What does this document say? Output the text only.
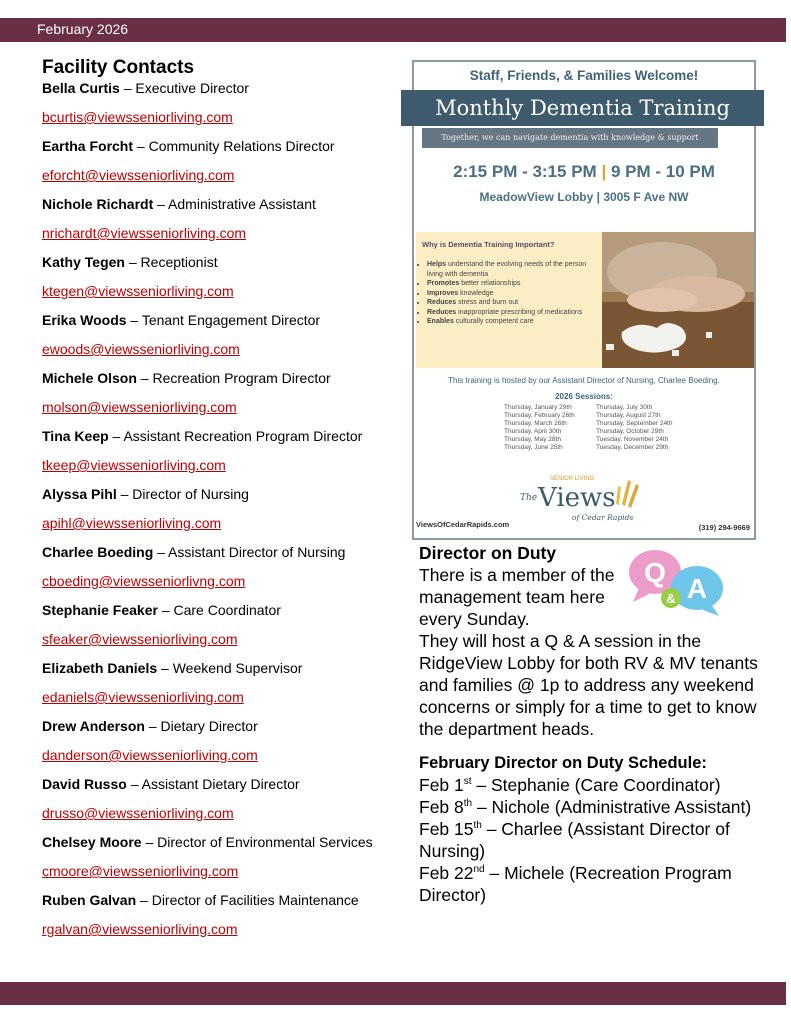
February 2026
Facility Contacts
Bella Curtis – Executive Director
bcurtis@viewsseniorliving.com
Eartha Forcht – Community Relations Director
eforcht@viewsseniorliving.com
Nichole Richardt – Administrative Assistant
nrichardt@viewsseniorliving.com
Kathy Tegen – Receptionist
ktegen@viewsseniorliving.com
Erika Woods – Tenant Engagement Director
ewoods@viewsseniorliving.com
Michele Olson – Recreation Program Director
molson@viewsseniorliving.com
Tina Keep – Assistant Recreation Program Director
tkeep@viewsseniorliving.com
Alyssa Pihl – Director of Nursing
apihl@viewsseniorliving.com
Charlee Boeding – Assistant Director of Nursing
cboeding@viewsseniorlivng.com
Stephanie Feaker – Care Coordinator
sfeaker@viewsseniorliving.com
Elizabeth Daniels – Weekend Supervisor
edaniels@viewsseniorliving.com
Drew Anderson – Dietary Director
danderson@viewsseniorliving.com
David Russo – Assistant Dietary Director
drusso@viewsseniorliving.com
Chelsey Moore – Director of Environmental Services
cmoore@viewsseniorliving.com
Ruben Galvan – Director of Facilities Maintenance
rgalvan@viewsseniorliving.com
Staff, Friends, & Families Welcome!
Monthly Dementia Training
Together, we can navigate dementia with knowledge & support
2:15 PM - 3:15 PM | 9 PM - 10 PM
MeadowView Lobby | 3005 F Ave NW
Why is Dementia Training Important?
• Helps understand the evolving needs of the person living with dementia
• Promotes better relationships
• Improves knowledge
• Reduces stress and burn out
• Reduces inappropriate prescribing of medications
• Enables culturally competent care
This training is hosted by our Assistant Director of Nursing, Charlee Boeding.
2026 Sessions:
Thursday, January 29th
Thursday, February 26th
Thursday, March 26th
Thursday, April 30th
Thursday, May 28th
Thursday, June 25th
Thursday, July 30th
Thursday, August 27th
Thursday, September 24th
Thursday, October 29th
Tuesday, November 24th
Tuesday, December 29th
The Views
SENIOR LIVING
of Cedar Rapids
ViewsOfCedarRapids.com	(319) 294-9669
Q
A
&
Director on Duty
There is a member of the management team here every Sunday.
They will host a Q & A session in the RidgeView Lobby for both RV & MV tenants and families @ 1p to address any weekend concerns or simply for a time to get to know the department heads.
February Director on Duty Schedule:
Feb 1st – Stephanie (Care Coordinator)
Feb 8th – Nichole (Administrative Assistant)
Feb 15th – Charlee (Assistant Director of Nursing)
Feb 22nd – Michele (Recreation Program Director)
